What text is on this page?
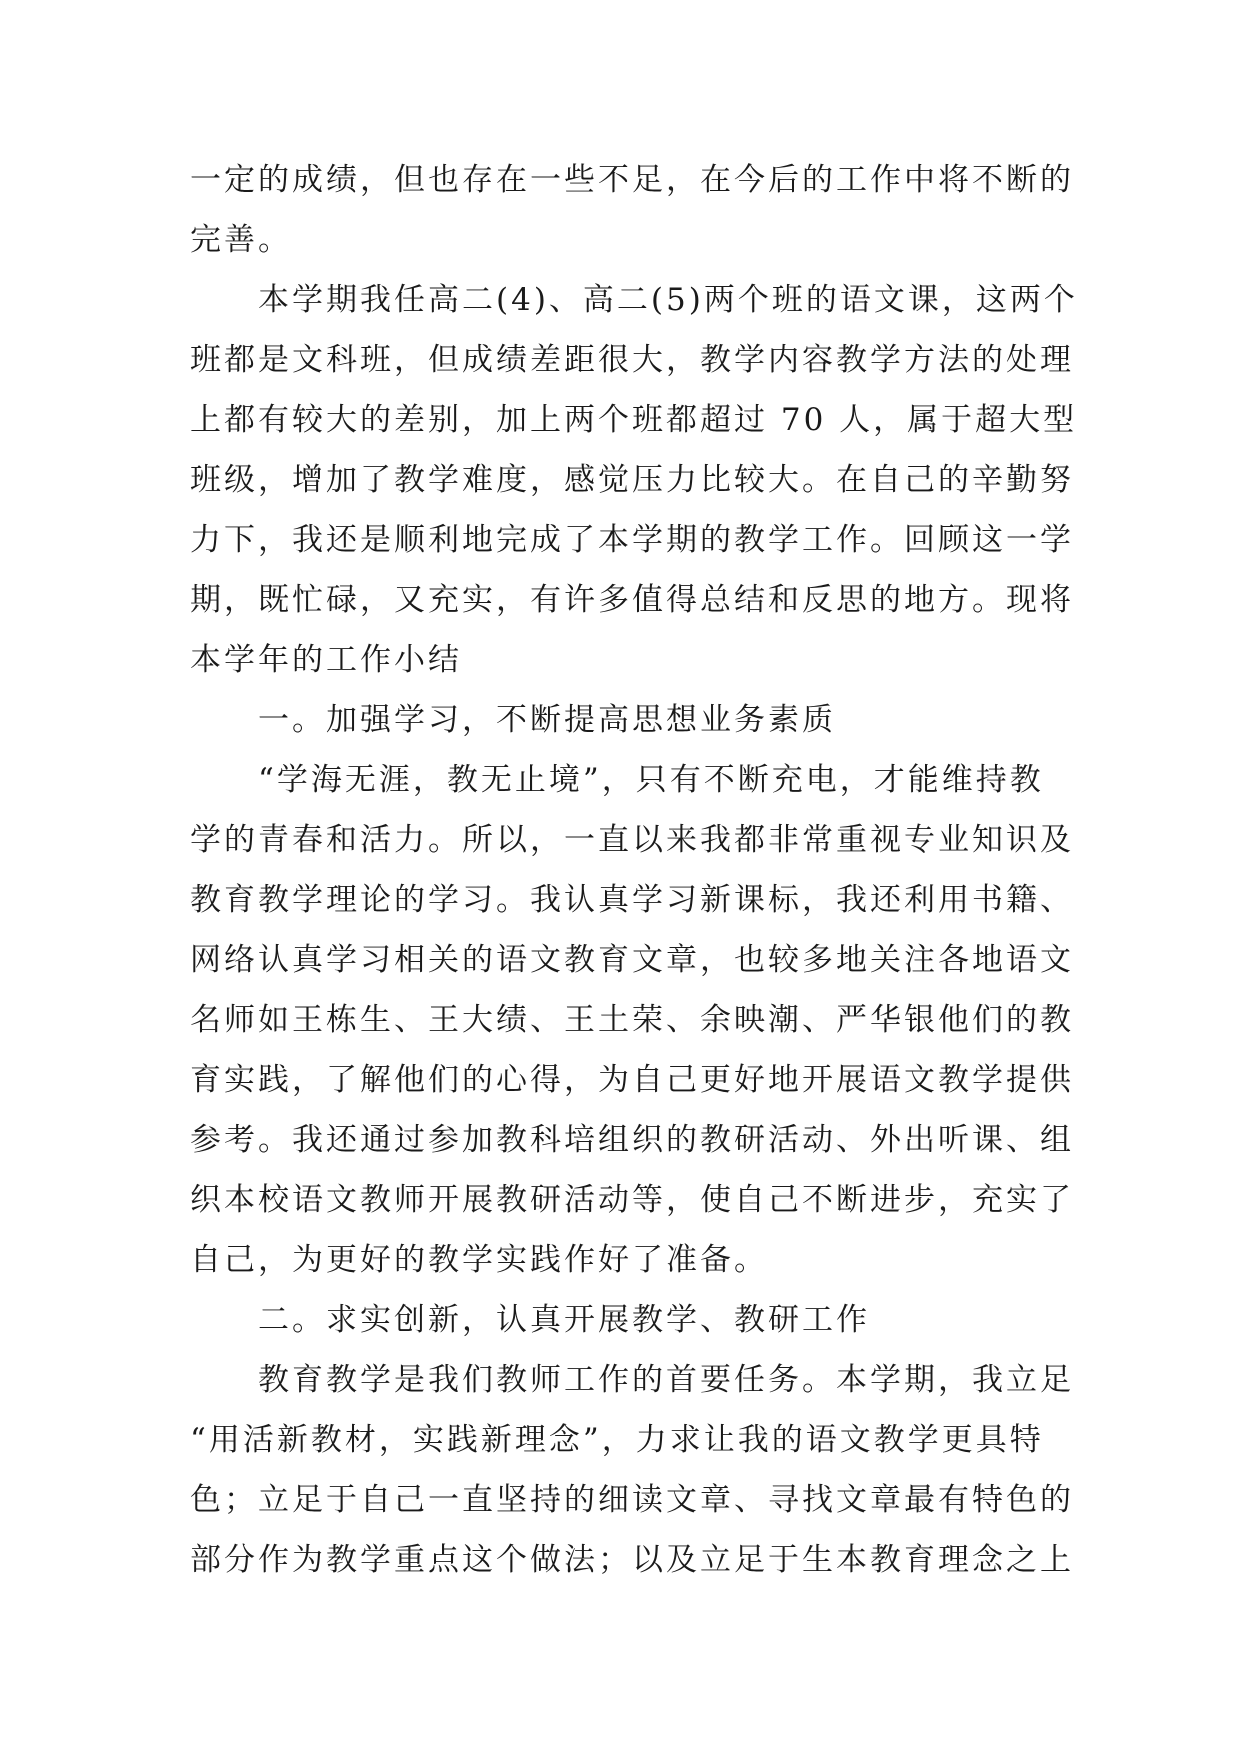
一定的成绩，但也存在一些不足，在今后的工作中将不断的
完善。
本学期我任高二(4)、高二(5)两个班的语文课，这两个
班都是文科班，但成绩差距很大，教学内容教学方法的处理
上都有较大的差别，加上两个班都超过 70 人，属于超大型
班级，增加了教学难度，感觉压力比较大。在自己的辛勤努
力下，我还是顺利地完成了本学期的教学工作。回顾这一学
期，既忙碌，又充实，有许多值得总结和反思的地方。现将
本学年的工作小结
一。加强学习，不断提高思想业务素质
“学海无涯，教无止境”，只有不断充电，才能维持教
学的青春和活力。所以，一直以来我都非常重视专业知识及
教育教学理论的学习。我认真学习新课标，我还利用书籍、
网络认真学习相关的语文教育文章，也较多地关注各地语文
名师如王栋生、王大绩、王土荣、余映潮、严华银他们的教
育实践，了解他们的心得，为自己更好地开展语文教学提供
参考。我还通过参加教科培组织的教研活动、外出听课、组
织本校语文教师开展教研活动等，使自己不断进步，充实了
自己，为更好的教学实践作好了准备。
二。求实创新，认真开展教学、教研工作
教育教学是我们教师工作的首要任务。本学期，我立足
“用活新教材，实践新理念”，力求让我的语文教学更具特
色；立足于自己一直坚持的细读文章、寻找文章最有特色的
部分作为教学重点这个做法；以及立足于生本教育理念之上
